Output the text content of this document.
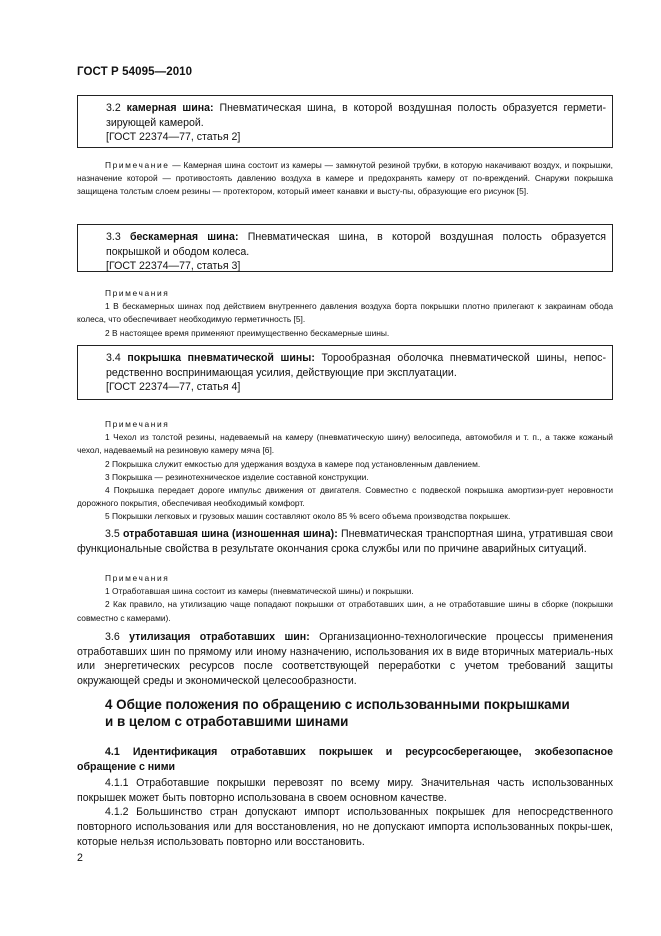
ГОСТ Р 54095—2010

3.2 камерная шина: Пневматическая шина, в которой воздушная полость образуется гермети-зирующей камерой.

[ГОСТ 22374—77, статья 2]

Примечание — Камерная шина состоит из камеры — замкнутой резиной трубки, в которую накачивают воздух, и покрышки, назначение которой — противостоять давлению воздуха в камере и предохранять камеру от по-вреждений. Снаружи покрышка защищена толстым слоем резины — протектором, который имеет канавки и высту-пы, образующие его рисунок [5].

3.3 бескамерная шина: Пневматическая шина, в которой воздушная полость образуется покрышкой и ободом колеса.

[ГОСТ 22374—77, статья 3]

Примечания

1 В бескамерных шинах под действием внутреннего давления воздуха борта покрышки плотно прилегают к закраинам обода колеса, что обеспечивает необходимую герметичность [5].

2 В настоящее время применяют преимущественно бескамерные шины.

3.4 покрышка пневматической шины: Торообразная оболочка пневматической шины, непос-редственно воспринимающая усилия, действующие при эксплуатации.

[ГОСТ 22374—77, статья 4]

Примечания

1 Чехол из толстой резины, надеваемый на камеру (пневматическую шину) велосипеда, автомобиля и т. п., а также кожаный чехол, надеваемый на резиновую камеру мяча [6].

2 Покрышка служит емкостью для удержания воздуха в камере под установленным давлением.

3 Покрышка — резинотехническое изделие составной конструкции.

4 Покрышка передает дороге импульс движения от двигателя. Совместно с подвеской покрышка амортизи-рует неровности дорожного покрытия, обеспечивая необходимый комфорт.

5 Покрышки легковых и грузовых машин составляют около 85 % всего объема производства покрышек.

3.5 отработавшая шина (изношенная шина): Пневматическая транспортная шина, утратившая свои функциональные свойства в результате окончания срока службы или по причине аварийных ситуаций.

Примечания

1 Отработавшая шина состоит из камеры (пневматической шины) и покрышки.

2 Как правило, на утилизацию чаще попадают покрышки от отработавших шин, а не отработавшие шины в сборке (покрышки совместно с камерами).

3.6 утилизация отработавших шин: Организационно-технологические процессы применения отработавших шин по прямому или иному назначению, использования их в виде вторичных материаль-ных или энергетических ресурсов после соответствующей переработки с учетом требований защиты окружающей среды и экономической целесообразности.

4 Общие положения по обращению с использованными покрышками

и в целом с отработавшими шинами

4.1 Идентификация отработавших покрышек и ресурсосберегающее, экобезопасное обращение с ними

4.1.1 Отработавшие покрышки перевозят по всему миру. Значительная часть использованных покрышек может быть повторно использована в своем основном качестве.

4.1.2 Большинство стран допускают импорт использованных покрышек для непосредственного повторного использования или для восстановления, но не допускают импорта использованных покры-шек, которые нельзя использовать повторно или восстановить.

2
